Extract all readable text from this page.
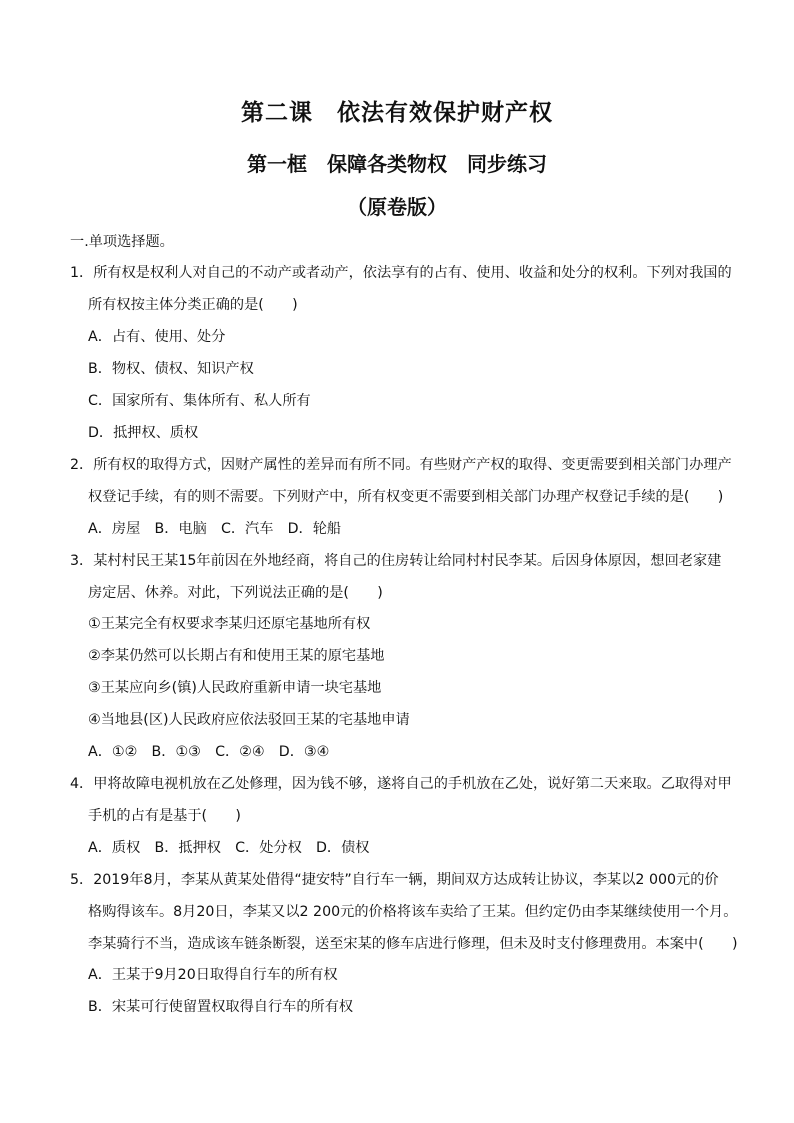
第二课　依法有效保护财产权
第一框　保障各类物权　同步练习
（原卷版）
一.单项选择题。
1．所有权是权利人对自己的不动产或者动产，依法享有的占有、使用、收益和处分的权利。下列对我国的
所有权按主体分类正确的是(　　)
A．占有、使用、处分
B．物权、债权、知识产权
C．国家所有、集体所有、私人所有
D．抵押权、质权
2．所有权的取得方式，因财产属性的差异而有所不同。有些财产产权的取得、变更需要到相关部门办理产
权登记手续，有的则不需要。下列财产中，所有权变更不需要到相关部门办理产权登记手续的是(　　)
A．房屋　B．电脑　C．汽车　D．轮船
3．某村村民王某15年前因在外地经商，将自己的住房转让给同村村民李某。后因身体原因，想回老家建
房定居、休养。对此，下列说法正确的是(　　)
①王某完全有权要求李某归还原宅基地所有权
②李某仍然可以长期占有和使用王某的原宅基地
③王某应向乡(镇)人民政府重新申请一块宅基地
④当地县(区)人民政府应依法驳回王某的宅基地申请
A．①②　B．①③　C．②④　D．③④
4．甲将故障电视机放在乙处修理，因为钱不够，遂将自己的手机放在乙处，说好第二天来取。乙取得对甲
手机的占有是基于(　　)
A．质权　B．抵押权　C．处分权　D．债权
5．2019年8月，李某从黄某处借得“捷安特”自行车一辆，期间双方达成转让协议，李某以2 000元的价
格购得该车。8月20日，李某又以2 200元的价格将该车卖给了王某。但约定仍由李某继续使用一个月。
李某骑行不当，造成该车链条断裂，送至宋某的修车店进行修理，但未及时支付修理费用。本案中(　　)
A．王某于9月20日取得自行车的所有权
B．宋某可行使留置权取得自行车的所有权
